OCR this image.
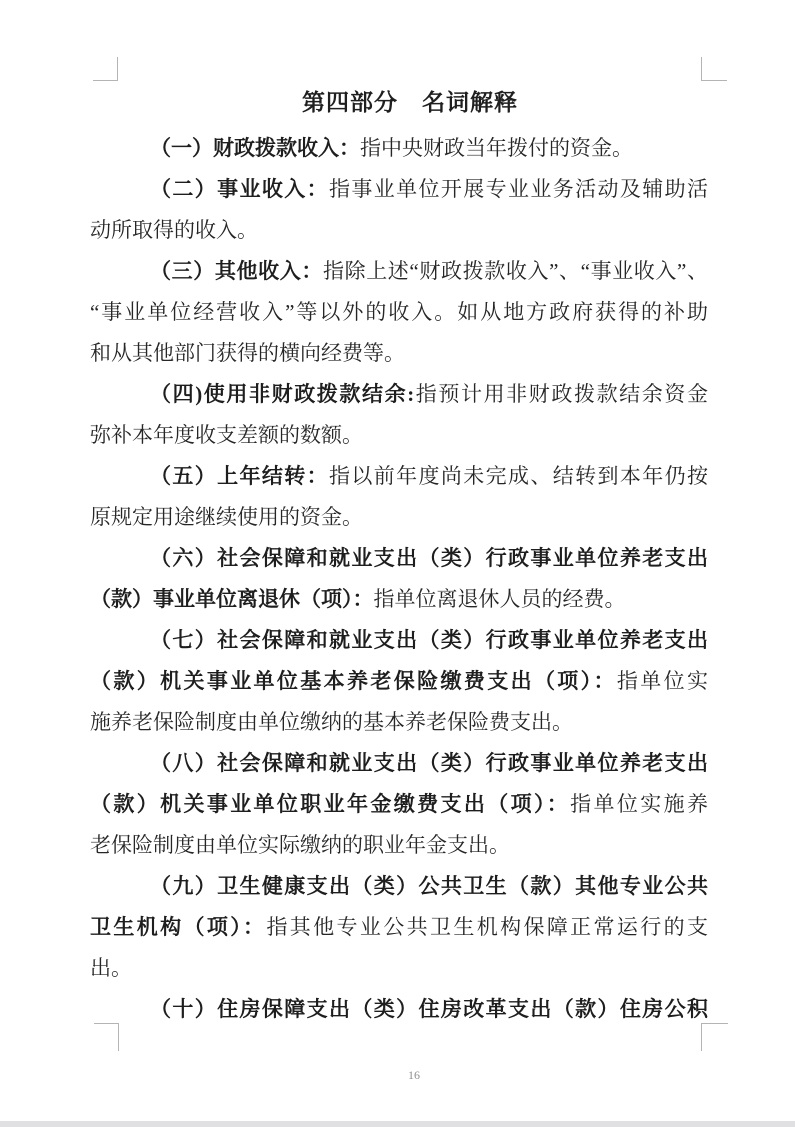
第四部分　名词解释
（一）财政拨款收入：指中央财政当年拨付的资金。
（二）事业收入：指事业单位开展专业业务活动及辅助活
动所取得的收入。
（三）其他收入：指除上述“财政拨款收入”、“事业收入”、
“事业单位经营收入”等以外的收入。如从地方政府获得的补助
和从其他部门获得的横向经费等。
（四)使用非财政拨款结余:指预计用非财政拨款结余资金
弥补本年度收支差额的数额。
（五）上年结转：指以前年度尚未完成、结转到本年仍按
原规定用途继续使用的资金。
（六）社会保障和就业支出（类）行政事业单位养老支出
（款）事业单位离退休（项）：指单位离退休人员的经费。
（七）社会保障和就业支出（类）行政事业单位养老支出
（款）机关事业单位基本养老保险缴费支出（项）：指单位实
施养老保险制度由单位缴纳的基本养老保险费支出。
（八）社会保障和就业支出（类）行政事业单位养老支出
（款）机关事业单位职业年金缴费支出（项）：指单位实施养
老保险制度由单位实际缴纳的职业年金支出。
（九）卫生健康支出（类）公共卫生（款）其他专业公共
卫生机构（项）：指其他专业公共卫生机构保障正常运行的支
出。
（十）住房保障支出（类）住房改革支出（款）住房公积
16
